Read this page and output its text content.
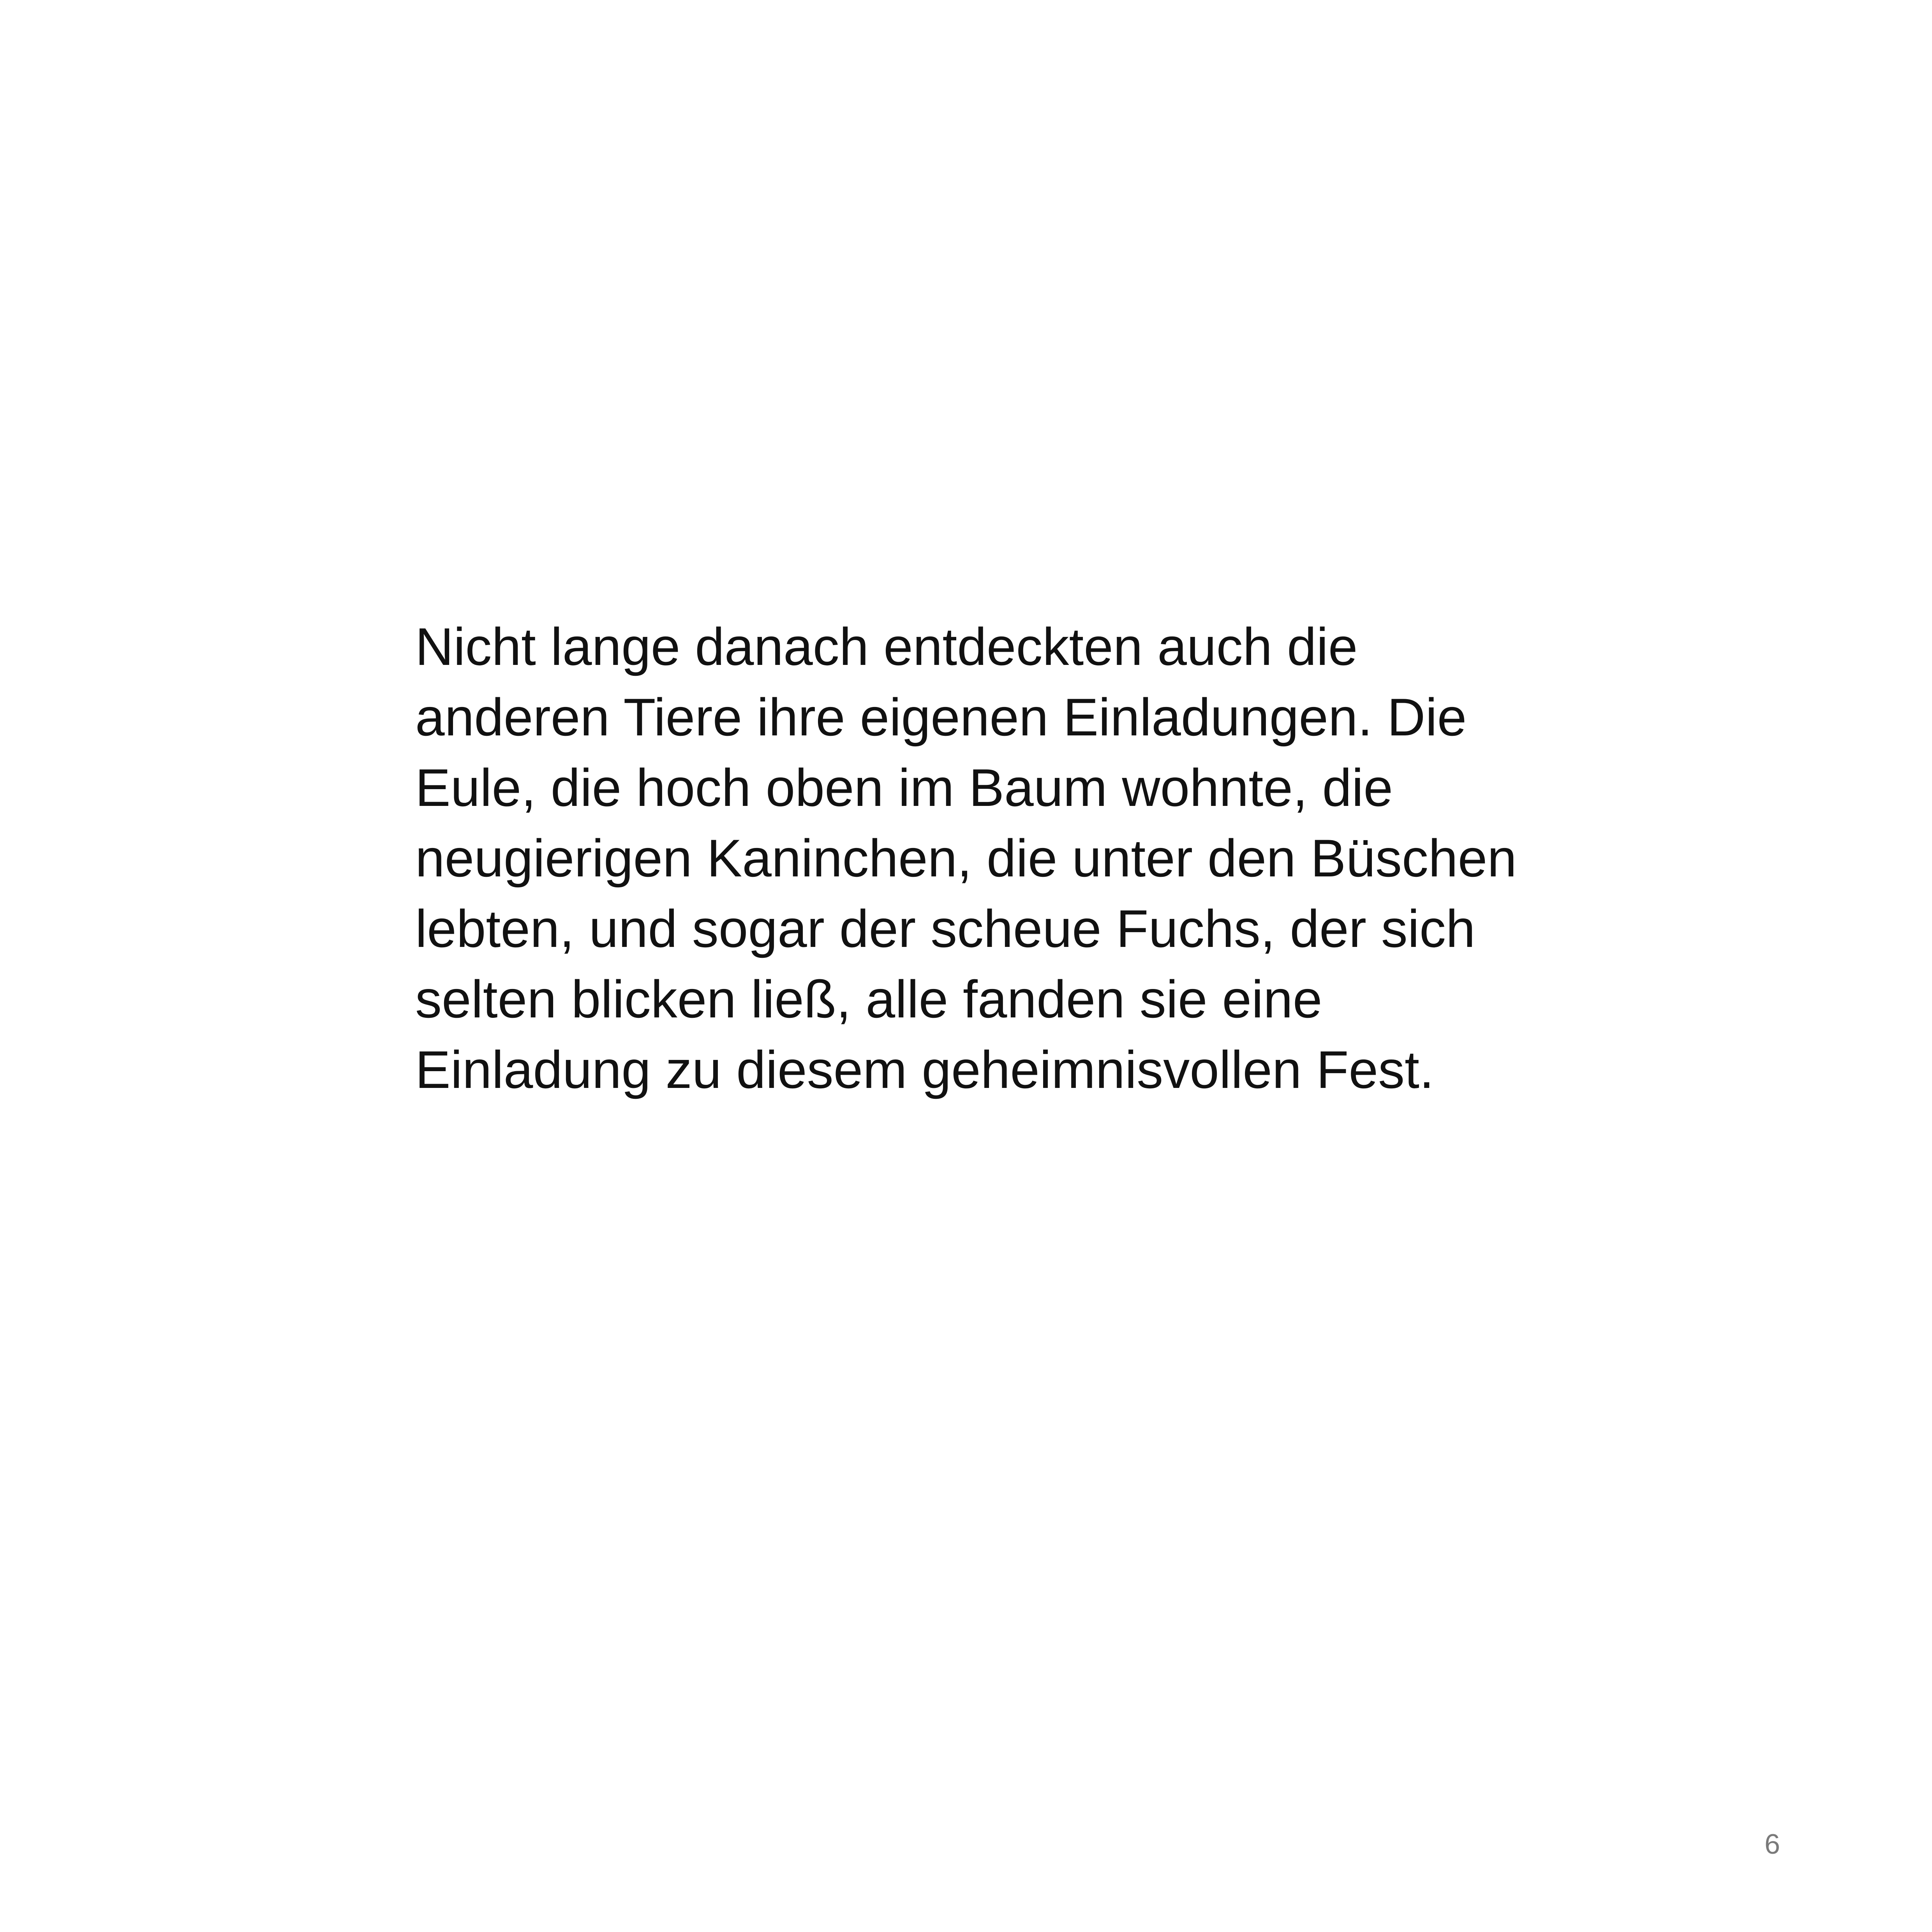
Nicht lange danach entdeckten auch die
anderen Tiere ihre eigenen Einladungen. Die
Eule, die hoch oben im Baum wohnte, die
neugierigen Kaninchen, die unter den Büschen
lebten, und sogar der scheue Fuchs, der sich
selten blicken ließ, alle fanden sie eine
Einladung zu diesem geheimnisvollen Fest.
6
